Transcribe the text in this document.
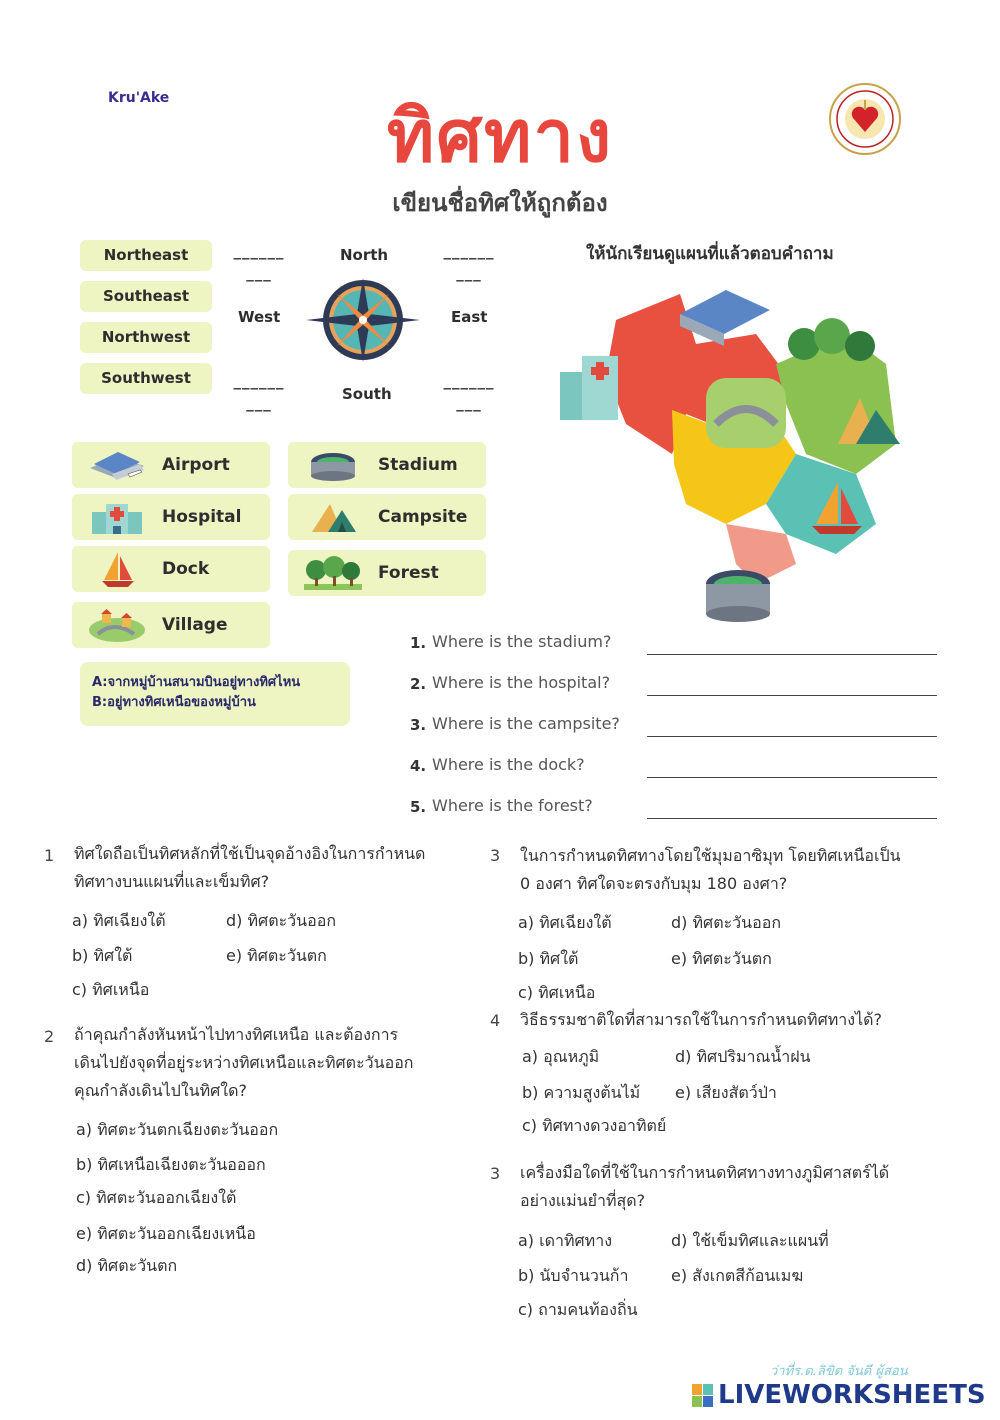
Kru'Ake	ทิศทาง
เขียนชื่อทิศให้ถูกต้อง
Northeast
Southeast
Northwest
Southwest
______ ___
______ ___
______ ___
______ ___
North
South
West	East
Airport
Hospital
Dock
Village
Stadium
Campsite
Forest
A:จากหมู่บ้านสนามบินอยู่ทางทิศไหน
B:อยู่ทางทิศเหนือของหมู่บ้าน
ให้นักเรียนดูแผนที่แล้วตอบคำถาม
1. Where is the stadium?
2. Where is the hospital?
3. Where is the campsite?
4. Where is the dock?
5. Where is the forest?
1 ทิศใดถือเป็นทิศหลักที่ใช้เป็นจุดอ้างอิงในการกำหนด
ทิศทางบนแผนที่และเข็มทิศ?
a) ทิศเฉียงใต้	d) ทิศตะวันออก
b) ทิศใต้	e) ทิศตะวันตก
c) ทิศเหนือ
2 ถ้าคุณกำลังหันหน้าไปทางทิศเหนือ และต้องการ
เดินไปยังจุดที่อยู่ระหว่างทิศเหนือและทิศตะวันออก
คุณกำลังเดินไปในทิศใด?
a) ทิศตะวันตกเฉียงตะวันออก
b) ทิศเหนือเฉียงตะวันอออก
c) ทิศตะวันออกเฉียงใต้
e) ทิศตะวันออกเฉียงเหนือ
d) ทิศตะวันตก
3 ในการกำหนดทิศทางโดยใช้มุมอาซิมุท โดยทิศเหนือเป็น
0 องศา ทิศใดจะตรงกับมุม 180 องศา?
a) ทิศเฉียงใต้	d) ทิศตะวันออก
b) ทิศใต้	e) ทิศตะวันตก
c) ทิศเหนือ
4 วิธีธรรมชาติใดที่สามารถใช้ในการกำหนดทิศทางได้?
a) อุณหภูมิ	d) ทิศปริมาณน้ำฝน
b) ความสูงต้นไม้ e) เสียงสัตว์ป่า
c) ทิศทางดวงอาทิตย์
3 เครื่องมือใดที่ใช้ในการกำหนดทิศทางทางภูมิศาสตร์ได้
อย่างแม่นยำที่สุด?
a) เดาทิศทาง	d) ใช้เข็มทิศและแผนที่
b) นับจำนวนก้า	e) สังเกตสีก้อนเมฆ
c) ถามคนท้องถิ่น
ว่าที่ร.ต.ลิขิต จันดี ผู้สอน
LIVEWORKSHEETS
